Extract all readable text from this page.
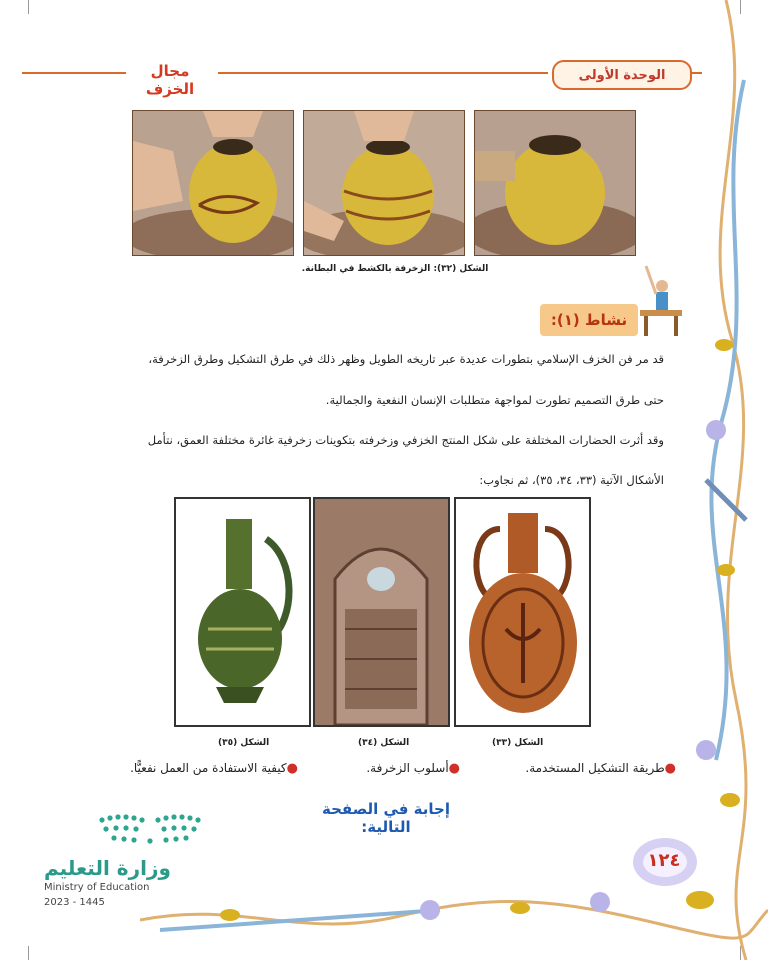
مجال الخزف
الوحدة الأولى
الشكل (٣٢): الزخرفة بالكشط في البطانة.
نشاط (١):
قد مر فن الخزف الإسلامي بتطورات عديدة عبر تاريخه الطويل وظهر ذلك في طرق التشكيل وطرق الزخرفة،
حتى طرق التصميم تطورت لمواجهة متطلبات الإنسان النفعية والجمالية.
وقد أثرت الحضارات المختلفة على شكل المنتج الخزفي وزخرفته بتكوينات زخرفية غائرة مختلفة العمق، نتأمل
الأشكال الآتية (٣٣، ٣٤، ٣٥)، ثم نجاوب:
الشكل (٣٣)
الشكل (٣٤)
الشكل (٣٥)
●طريقة التشكيل المستخدمة.
●أسلوب الزخرفة.
●كيفية الاستفادة من العمل نفعيًّا.
إجابة في الصفحة التالية:
١٢٤
وزارة التعليم
Ministry of Education
2023 - 1445
